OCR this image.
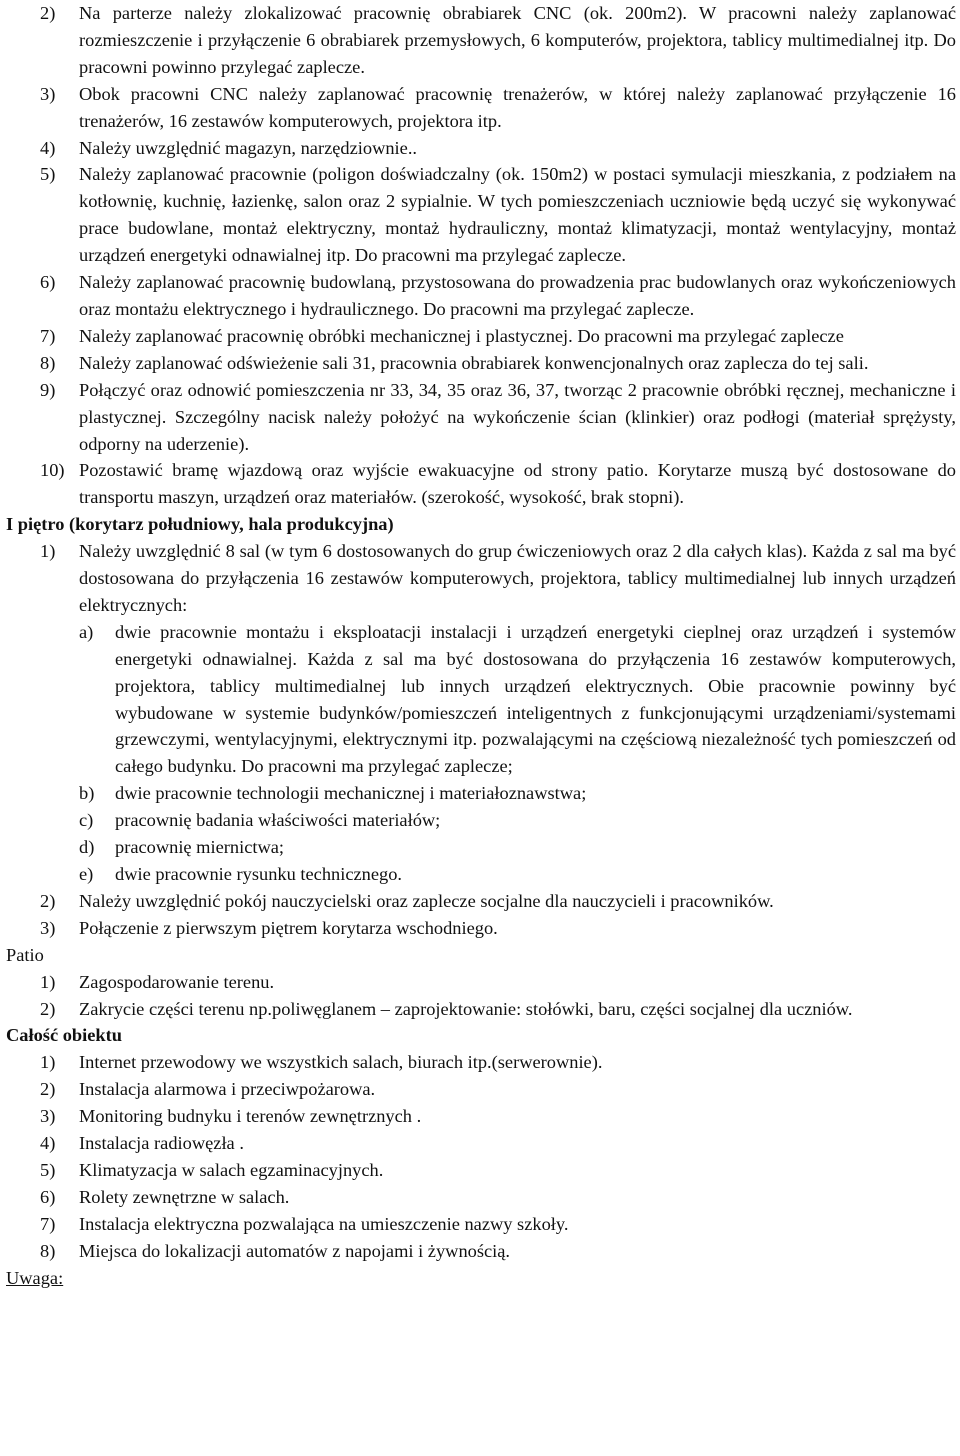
2) Na parterze należy zlokalizować pracownię obrabiarek CNC (ok. 200m2). W pracowni należy zaplanować rozmieszczenie i przyłączenie 6 obrabiarek przemysłowych, 6 komputerów, projektora, tablicy multimedialnej itp. Do pracowni powinno przylegać zaplecze.
3) Obok pracowni CNC należy zaplanować pracownię trenażerów, w której należy zaplanować przyłączenie 16 trenażerów, 16 zestawów komputerowych, projektora itp.
4) Należy uwzględnić magazyn, narzędziownie..
5) Należy zaplanować pracownie (poligon doświadczalny (ok. 150m2) w postaci symulacji mieszkania, z podziałem na kotłownię, kuchnię, łazienkę, salon oraz 2 sypialnie. W tych pomieszczeniach uczniowie będą uczyć się wykonywać prace budowlane, montaż elektryczny, montaż hydrauliczny, montaż klimatyzacji, montaż wentylacyjny, montaż urządzeń energetyki odnawialnej itp. Do pracowni ma przylegać zaplecze.
6) Należy zaplanować pracownię budowlaną, przystosowana do prowadzenia prac budowlanych oraz wykończeniowych oraz montażu elektrycznego i hydraulicznego. Do pracowni ma przylegać zaplecze.
7) Należy zaplanować pracownię obróbki mechanicznej i plastycznej. Do pracowni ma przylegać zaplecze
8) Należy zaplanować odświeżenie sali 31, pracownia obrabiarek konwencjonalnych oraz zaplecza do tej sali.
9) Połączyć oraz odnowić pomieszczenia nr 33, 34, 35 oraz 36, 37, tworząc 2 pracownie obróbki ręcznej, mechaniczne i plastycznej. Szczególny nacisk należy położyć na wykończenie ścian (klinkier) oraz podłogi (materiał sprężysty, odporny na uderzenie).
10) Pozostawić bramę wjazdową oraz wyjście ewakuacyjne od strony patio. Korytarze muszą być dostosowane do transportu maszyn, urządzeń oraz materiałów. (szerokość, wysokość, brak stopni).
I piętro (korytarz południowy, hala produkcyjna)
1) Należy uwzględnić 8 sal (w tym 6 dostosowanych do grup ćwiczeniowych oraz 2 dla całych klas). Każda z sal ma być dostosowana do przyłączenia 16 zestawów komputerowych, projektora, tablicy multimedialnej lub innych urządzeń elektrycznych:
a) dwie pracownie montażu i eksploatacji instalacji i urządzeń energetyki cieplnej oraz urządzeń i systemów energetyki odnawialnej. Każda z sal ma być dostosowana do przyłączenia 16 zestawów komputerowych, projektora, tablicy multimedialnej lub innych urządzeń elektrycznych. Obie pracownie powinny być wybudowane w systemie budynków/pomieszczeń inteligentnych z funkcjonującymi urządzeniami/systemami grzewczymi, wentylacyjnymi, elektrycznymi itp. pozwalającymi na częściową niezależność tych pomieszczeń od całego budynku. Do pracowni ma przylegać zaplecze;
b) dwie pracownie technologii mechanicznej i materiałoznawstwa;
c) pracownię badania właściwości materiałów;
d) pracownię miernictwa;
e) dwie pracownie rysunku technicznego.
2) Należy uwzględnić pokój nauczycielski oraz zaplecze socjalne dla nauczycieli i pracowników.
3) Połączenie z pierwszym piętrem korytarza wschodniego.
Patio
1) Zagospodarowanie terenu.
2) Zakrycie części terenu np.poliwęglanem – zaprojektowanie: stołówki, baru, części socjalnej dla uczniów.
Całość obiektu
1) Internet przewodowy we wszystkich salach, biurach itp.(serwerownie).
2) Instalacja alarmowa i przeciwpożarowa.
3) Monitoring budnyku i terenów zewnętrznych .
4) Instalacja radiowęzła .
5) Klimatyzacja w salach egzaminacyjnych.
6) Rolety zewnętrzne w salach.
7) Instalacja elektryczna pozwalająca na umieszczenie nazwy szkoły.
8) Miejsca do lokalizacji automatów z napojami i żywnością.
Uwaga:
